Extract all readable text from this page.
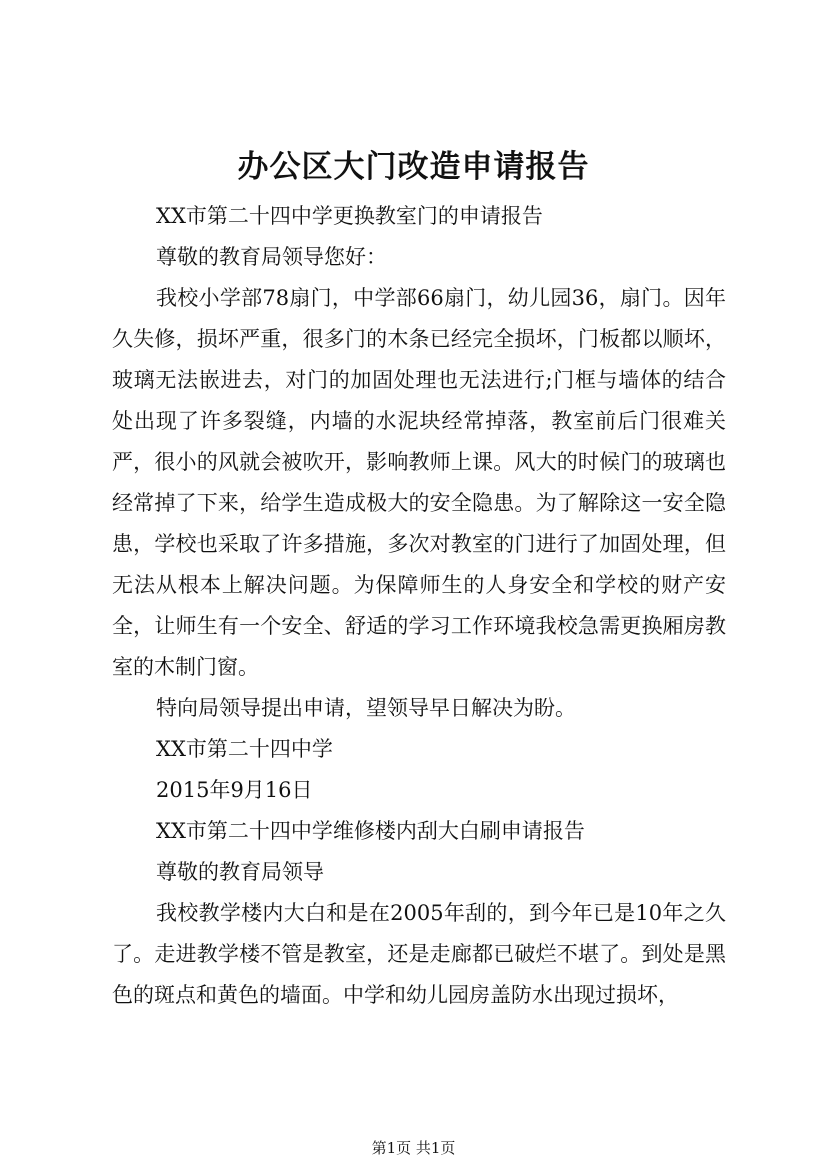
办公区大门改造申请报告

XX市第二十四中学更换教室门的申请报告

尊敬的教育局领导您好：

我校小学部78扇门，中学部66扇门，幼儿园36，扇门。因年久失修，损坏严重，很多门的木条已经完全损坏，门板都以顺坏，玻璃无法嵌进去，对门的加固处理也无法进行;门框与墙体的结合处出现了许多裂缝，内墙的水泥块经常掉落，教室前后门很难关严，很小的风就会被吹开，影响教师上课。风大的时候门的玻璃也经常掉了下来，给学生造成极大的安全隐患。为了解除这一安全隐患，学校也采取了许多措施，多次对教室的门进行了加固处理，但无法从根本上解决问题。为保障师生的人身安全和学校的财产安全，让师生有一个安全、舒适的学习工作环境我校急需更换厢房教室的木制门窗。

特向局领导提出申请，望领导早日解决为盼。

XX市第二十四中学

2015年9月16日

XX市第二十四中学维修楼内刮大白刷申请报告

尊敬的教育局领导

我校教学楼内大白和是在2005年刮的，到今年已是10年之久了。走进教学楼不管是教室，还是走廊都已破烂不堪了。到处是黑色的斑点和黄色的墙面。中学和幼儿园房盖防水出现过损坏，

第1页 共1页
